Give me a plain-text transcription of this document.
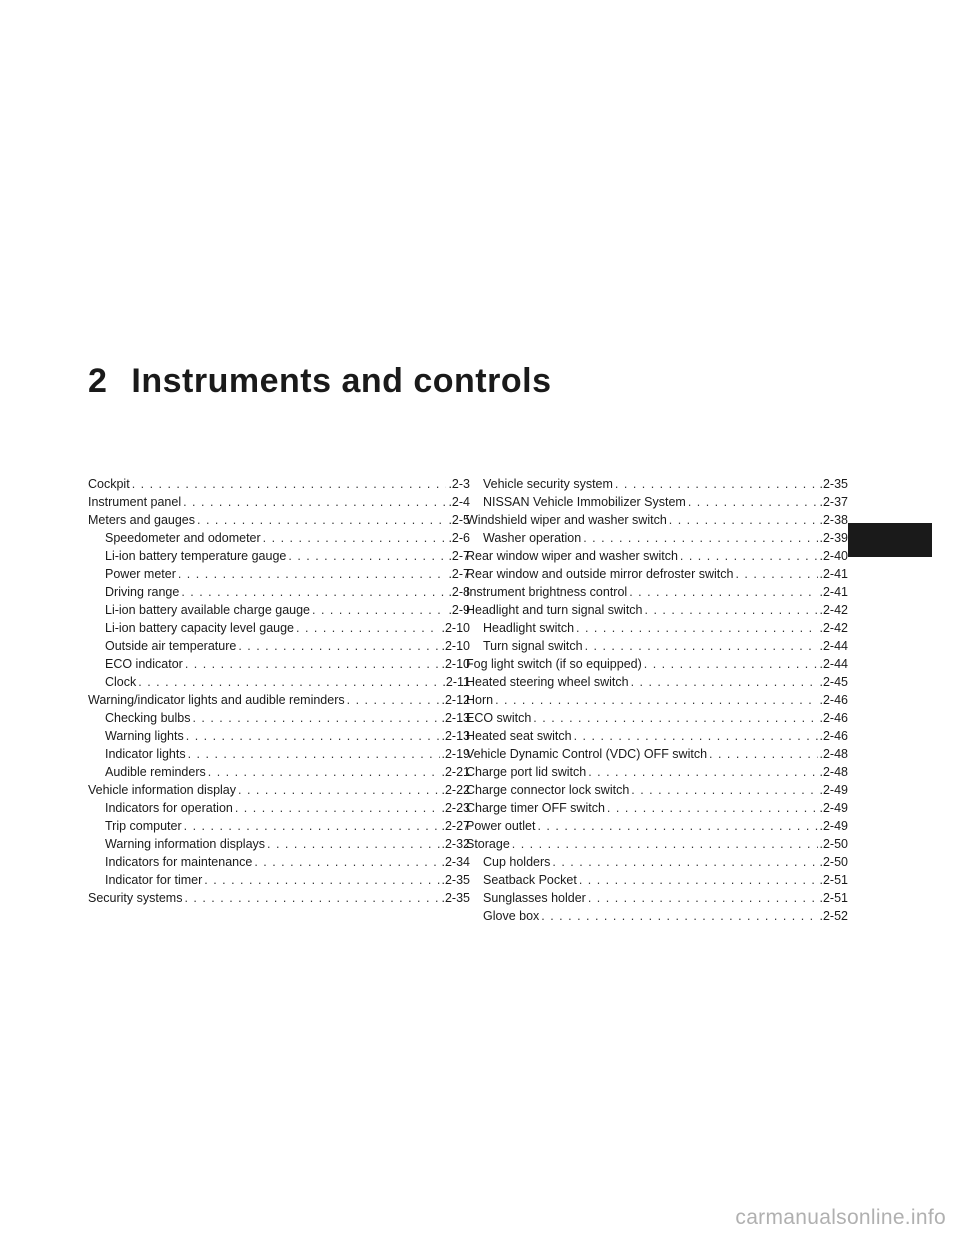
2 Instruments and controls
Cockpit . . .	.2-3
Instrument panel . . .	.2-4
Meters and gauges . . .	.2-5
Speedometer and odometer . . .	.2-6
Li-ion battery temperature gauge . . .	.2-7
Power meter . . .	.2-7
Driving range . . .	.2-8
Li-ion battery available charge gauge . . .	.2-9
Li-ion battery capacity level gauge . . .	.2-10
Outside air temperature . . .	.2-10
ECO indicator . . .	.2-10
Clock . . .	.2-11
Warning/indicator lights and audible reminders . . .	.2-12
Checking bulbs . . .	.2-13
Warning lights . . .	.2-13
Indicator lights . . .	.2-19
Audible reminders . . .	.2-21
Vehicle information display . . .	.2-22
Indicators for operation . . .	.2-23
Trip computer . . .	.2-27
Warning information displays . . .	.2-32
Indicators for maintenance . . .	.2-34
Indicator for timer . . .	.2-35
Security systems . . .	.2-35
Vehicle security system . . .	.2-35
NISSAN Vehicle Immobilizer System . . .	.2-37
Windshield wiper and washer switch . . .	.2-38
Washer operation . . .	.2-39
Rear window wiper and washer switch . . .	.2-40
Rear window and outside mirror defroster switch . . .	.2-41
Instrument brightness control . . .	.2-41
Headlight and turn signal switch . . .	.2-42
Headlight switch . . .	.2-42
Turn signal switch . . .	.2-44
Fog light switch (if so equipped) . . .	.2-44
Heated steering wheel switch . . .	.2-45
Horn . . .	.2-46
ECO switch . . .	.2-46
Heated seat switch . . .	.2-46
Vehicle Dynamic Control (VDC) OFF switch . . .	.2-48
Charge port lid switch . . .	.2-48
Charge connector lock switch . . .	.2-49
Charge timer OFF switch . . .	.2-49
Power outlet . . .	.2-49
Storage . . .	.2-50
Cup holders . . .	.2-50
Seatback Pocket . . .	.2-51
Sunglasses holder . . .	.2-51
Glove box . . .	.2-52
carmanualsonline.info
